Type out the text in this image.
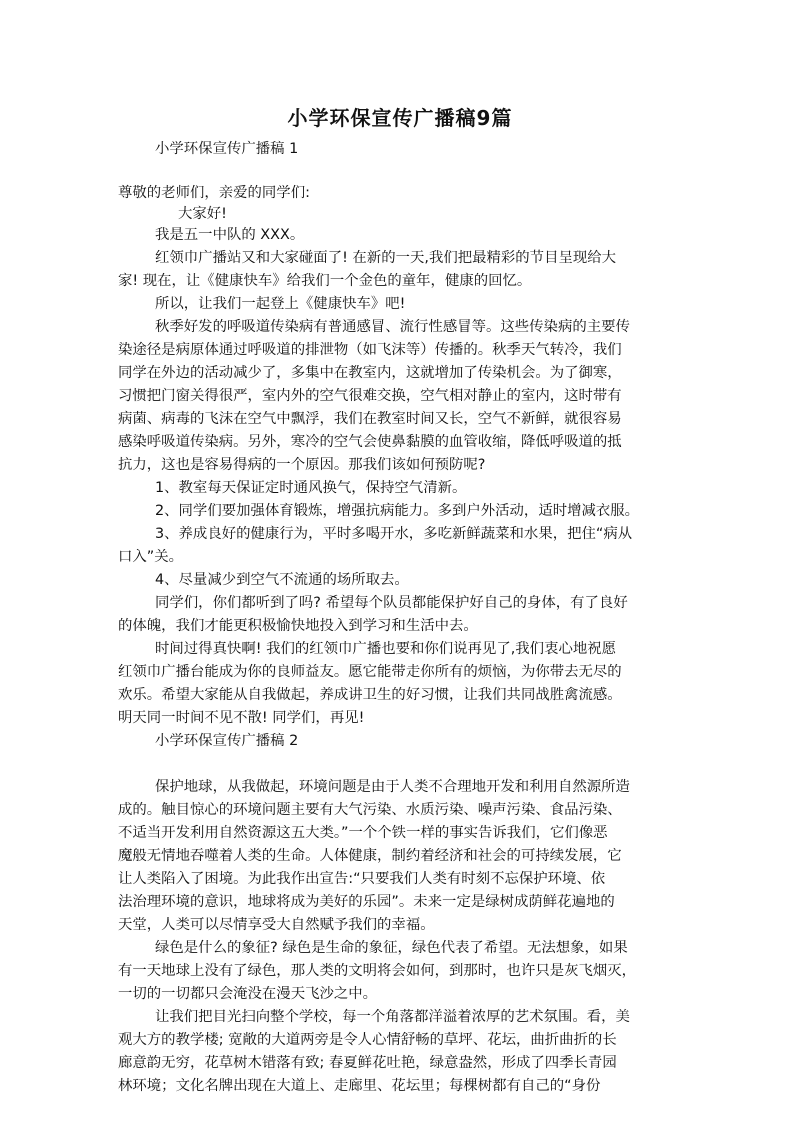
小学环保宣传广播稿9篇

小学环保宣传广播稿 1

尊敬的老师们，亲爱的同学们:

大家好!

我是五一中队的 XXX。

红领巾广播站又和大家碰面了! 在新的一天,我们把最精彩的节目呈现给大

家! 现在，让《健康快车》给我们一个金色的童年，健康的回忆。

所以，让我们一起登上《健康快车》吧!

秋季好发的呼吸道传染病有普通感冒、流行性感冒等。这些传染病的主要传

染途径是病原体通过呼吸道的排泄物（如飞沫等）传播的。秋季天气转冷，我们

同学在外边的活动减少了，多集中在教室内，这就增加了传染机会。为了御寒，

习惯把门窗关得很严，室内外的空气很难交换，空气相对静止的室内，这时带有

病菌、病毒的飞沫在空气中飘浮，我们在教室时间又长，空气不新鲜，就很容易

感染呼吸道传染病。另外，寒冷的空气会使鼻黏膜的血管收缩，降低呼吸道的抵

抗力，这也是容易得病的一个原因。那我们该如何预防呢?

1、教室每天保证定时通风换气，保持空气清新。

2、同学们要加强体育锻炼，增强抗病能力。多到户外活动，适时增减衣服。

3、养成良好的健康行为，平时多喝开水，多吃新鲜蔬菜和水果，把住“病从

口入”关。

4、尽量减少到空气不流通的场所取去。

同学们，你们都听到了吗? 希望每个队员都能保护好自己的身体，有了良好

的体魄，我们才能更积极愉快地投入到学习和生活中去。

时间过得真快啊! 我们的红领巾广播也要和你们说再见了,我们衷心地祝愿

红领巾广播台能成为你的良师益友。愿它能带走你所有的烦恼，为你带去无尽的

欢乐。希望大家能从自我做起，养成讲卫生的好习惯，让我们共同战胜禽流感。

明天同一时间不见不散! 同学们，再见!

小学环保宣传广播稿 2

保护地球，从我做起，环境问题是由于人类不合理地开发和利用自然源所造

成的。触目惊心的环境问题主要有大气污染、水质污染、噪声污染、食品污染、

不适当开发利用自然资源这五大类。”一个个铁一样的事实告诉我们，它们像恶

魔般无情地吞噬着人类的生命。人体健康，制约着经济和社会的可持续发展，它

让人类陷入了困境。为此我作出宣告:“只要我们人类有时刻不忘保护环境、依

法治理环境的意识，地球将成为美好的乐园”。未来一定是绿树成荫鲜花遍地的

天堂，人类可以尽情享受大自然赋予我们的幸福。

绿色是什么的象征? 绿色是生命的象征，绿色代表了希望。无法想象，如果

有一天地球上没有了绿色，那人类的文明将会如何，到那时，也许只是灰飞烟灭，

一切的一切都只会淹没在漫天飞沙之中。

让我们把目光扫向整个学校，每一个角落都洋溢着浓厚的艺术氛围。看，美

观大方的教学楼; 宽敞的大道两旁是令人心情舒畅的草坪、花坛，曲折曲折的长

廊意韵无穷，花草树木错落有致; 春夏鲜花吐艳，绿意盎然，形成了四季长青园

林环境；文化名牌出现在大道上、走廊里、花坛里；每棵树都有自己的“身份
